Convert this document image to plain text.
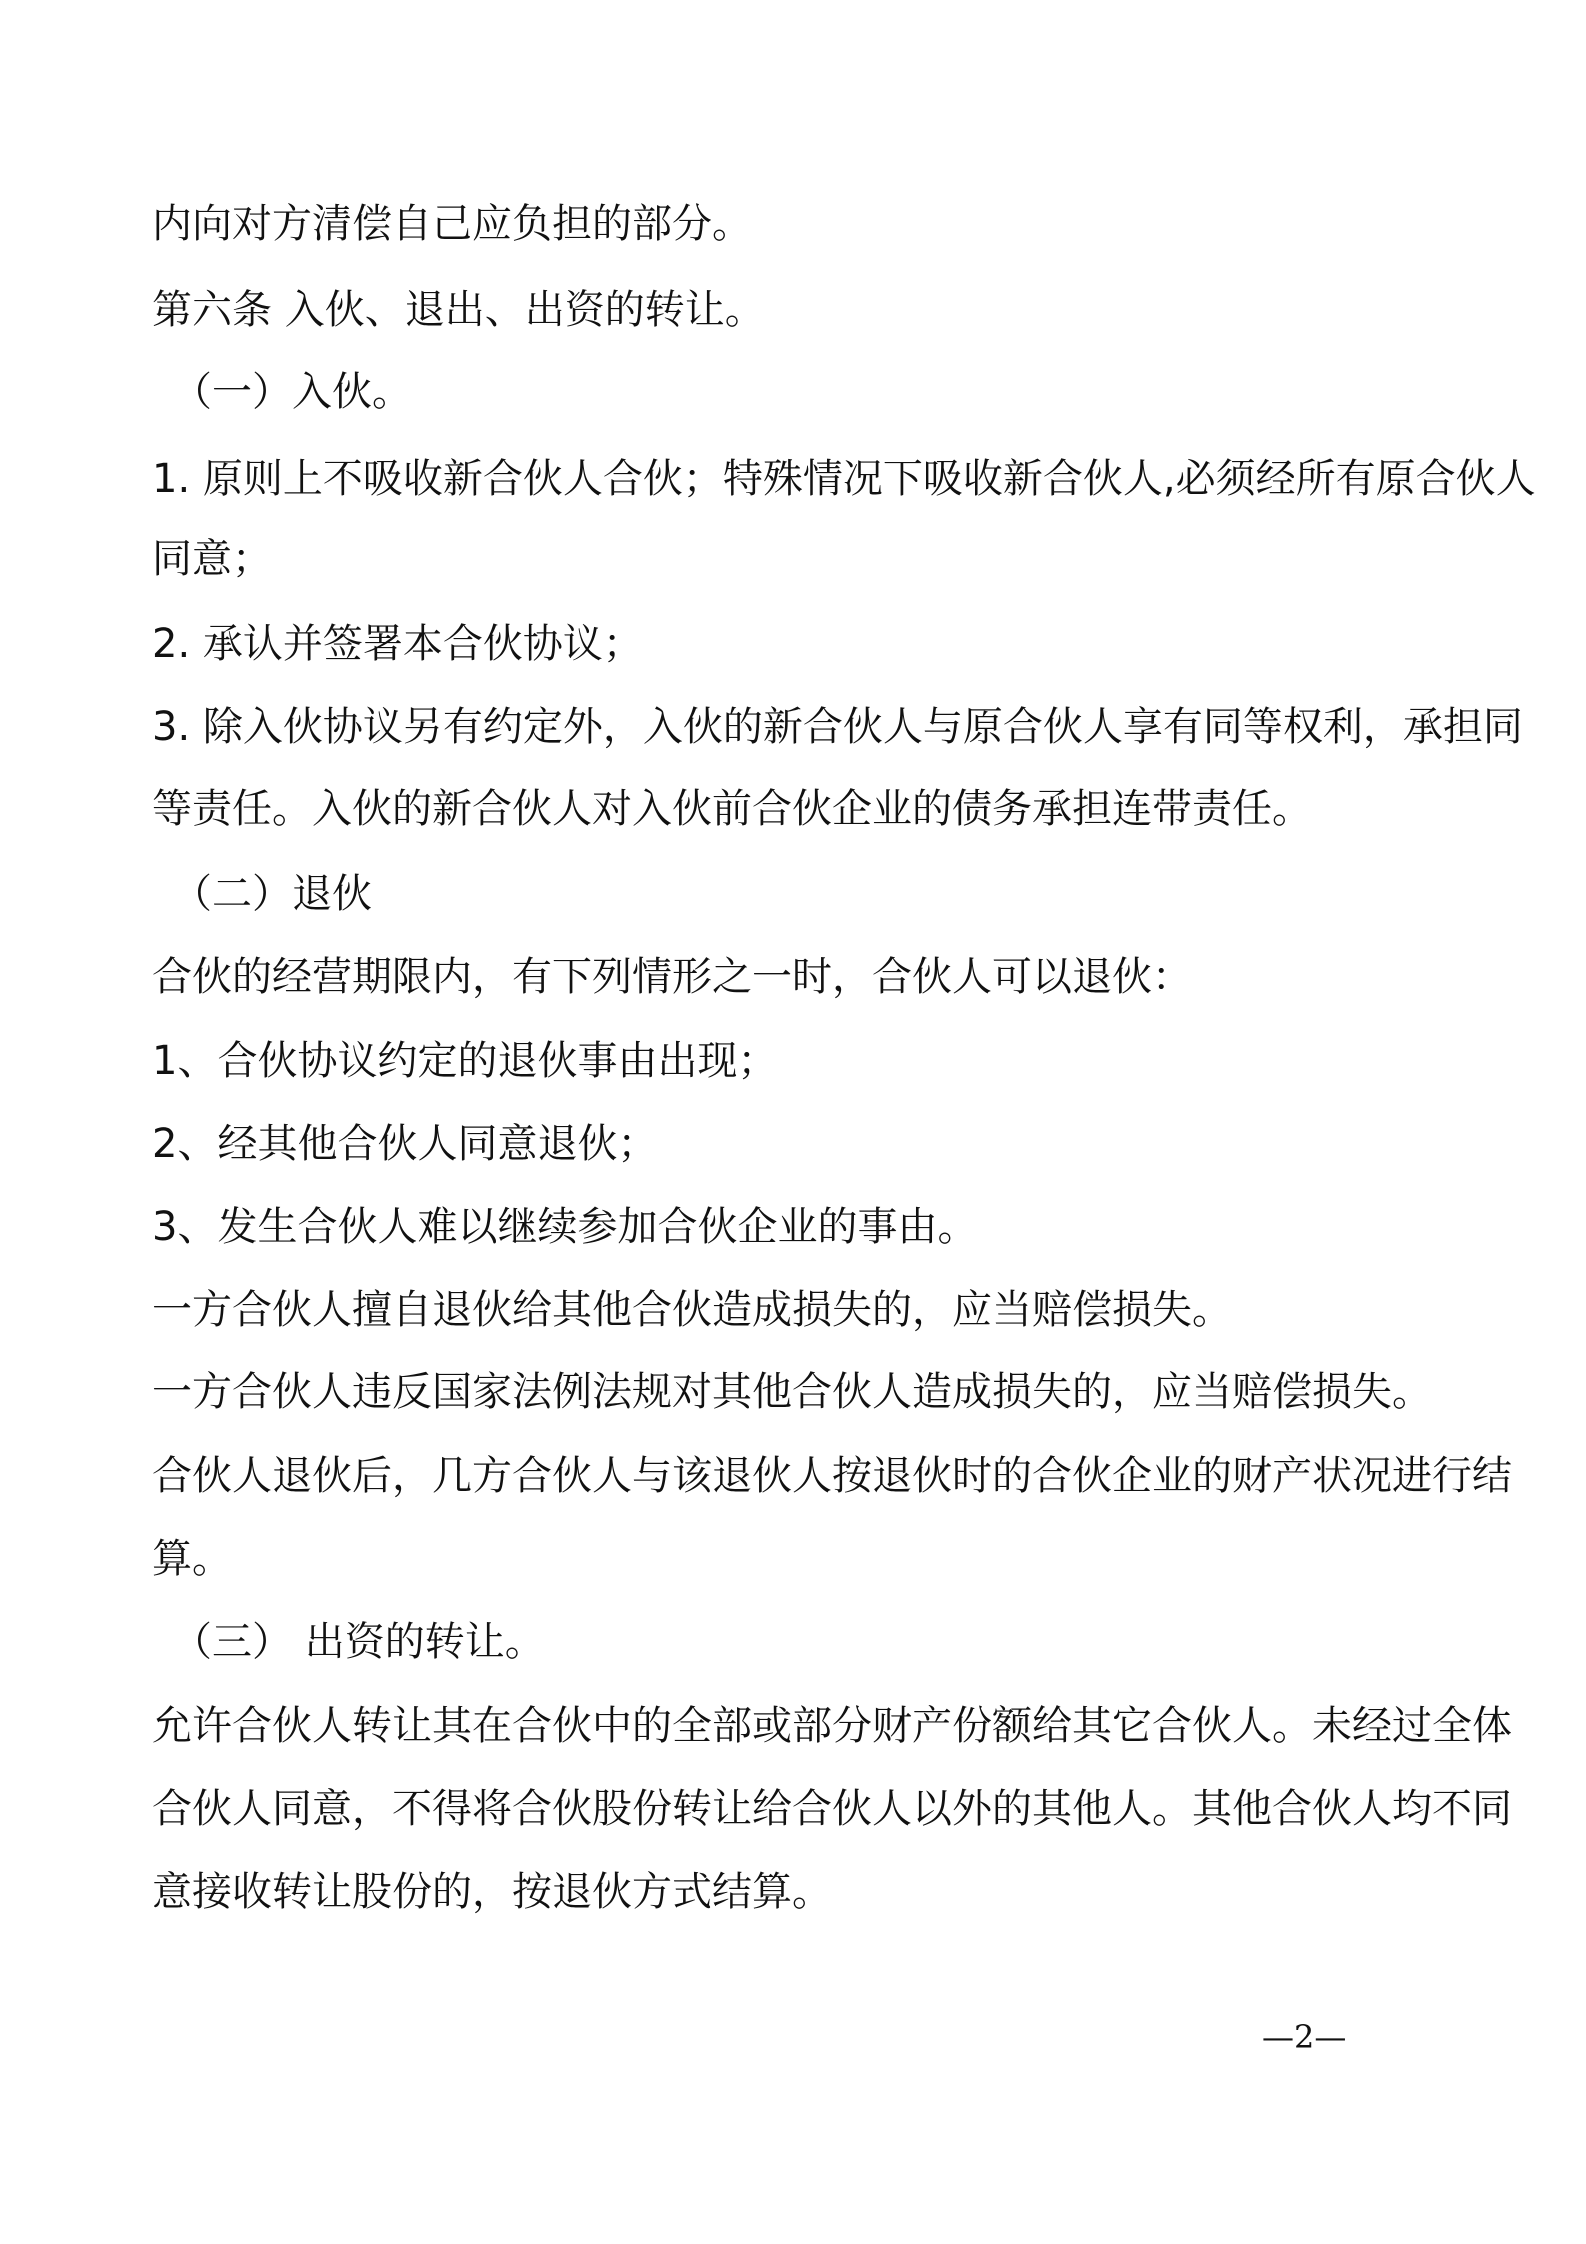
内向对方清偿自己应负担的部分。
第六条 入伙、退出、出资的转让。
（一）入伙。
1. 原则上不吸收新合伙人合伙；特殊情况下吸收新合伙人,必须经所有原合伙人
同意；
2. 承认并签署本合伙协议；
3. 除入伙协议另有约定外，入伙的新合伙人与原合伙人享有同等权利，承担同
等责任。入伙的新合伙人对入伙前合伙企业的债务承担连带责任。
（二）退伙
合伙的经营期限内，有下列情形之一时，合伙人可以退伙：
1、合伙协议约定的退伙事由出现；
2、经其他合伙人同意退伙；
3、发生合伙人难以继续参加合伙企业的事由。
一方合伙人擅自退伙给其他合伙造成损失的，应当赔偿损失。
一方合伙人违反国家法例法规对其他合伙人造成损失的，应当赔偿损失。
合伙人退伙后，几方合伙人与该退伙人按退伙时的合伙企业的财产状况进行结
算。
（三） 出资的转让。
允许合伙人转让其在合伙中的全部或部分财产份额给其它合伙人。未经过全体
合伙人同意，不得将合伙股份转让给合伙人以外的其他人。其他合伙人均不同
意接收转让股份的，按退伙方式结算。
—2—
